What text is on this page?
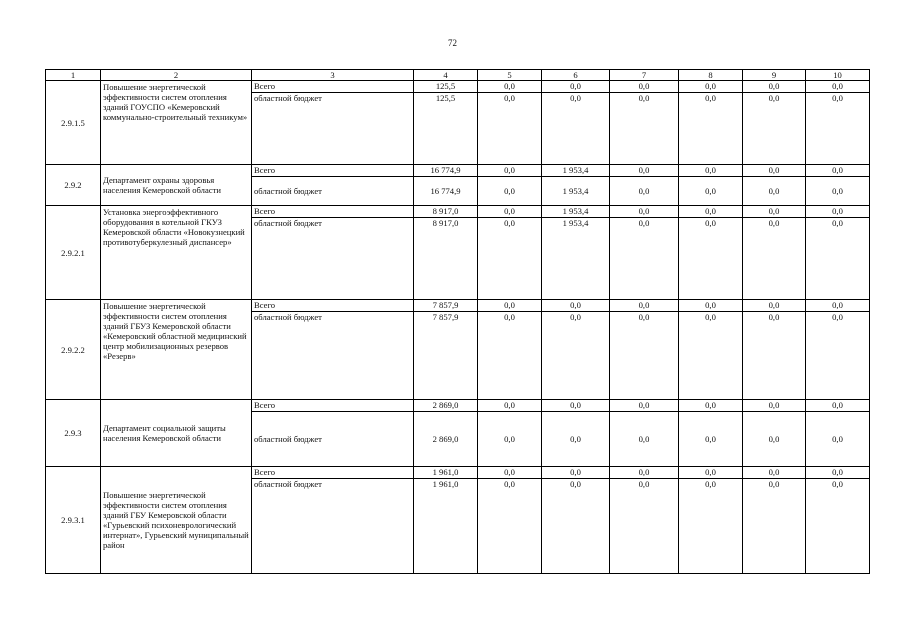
72
1	2	3	4	5	6	7	8	9	10
2.9.1.5	Повышение энергетической эффективности систем отопления зданий ГОУСПО «Кемеровский коммунально-строительный техникум»	Всего	125,5	0,0	0,0	0,0	0,0	0,0	0,0
		областной бюджет	125,5	0,0	0,0	0,0	0,0	0,0	0,0
2.9.2	Департамент охраны здоровья населения Кемеровской области	Всего	16 774,9	0,0	1 953,4	0,0	0,0	0,0	0,0
		областной бюджет	16 774,9	0,0	1 953,4	0,0	0,0	0,0	0,0
2.9.2.1	Установка энергоэффективного оборудования в котельной ГКУЗ Кемеровской области «Новокузнецкий противотуберкулезный диспансер»	Всего	8 917,0	0,0	1 953,4	0,0	0,0	0,0	0,0
		областной бюджет	8 917,0	0,0	1 953,4	0,0	0,0	0,0	0,0
2.9.2.2	Повышение энергетической эффективности систем отопления зданий ГБУЗ Кемеровской области «Кемеровский областной медицинский центр мобилизационных резервов «Резерв»	Всего	7 857,9	0,0	0,0	0,0	0,0	0,0	0,0
		областной бюджет	7 857,9	0,0	0,0	0,0	0,0	0,0	0,0
2.9.3	Департамент социальной защиты населения Кемеровской области	Всего	2 869,0	0,0	0,0	0,0	0,0	0,0	0,0
		областной бюджет	2 869,0	0,0	0,0	0,0	0,0	0,0	0,0
2.9.3.1	Повышение энергетической эффективности систем отопления зданий ГБУ Кемеровской области «Гурьевский психоневрологический интернат», Гурьевский муниципальный район	Всего	1 961,0	0,0	0,0	0,0	0,0	0,0	0,0
		областной бюджет	1 961,0	0,0	0,0	0,0	0,0	0,0	0,0
